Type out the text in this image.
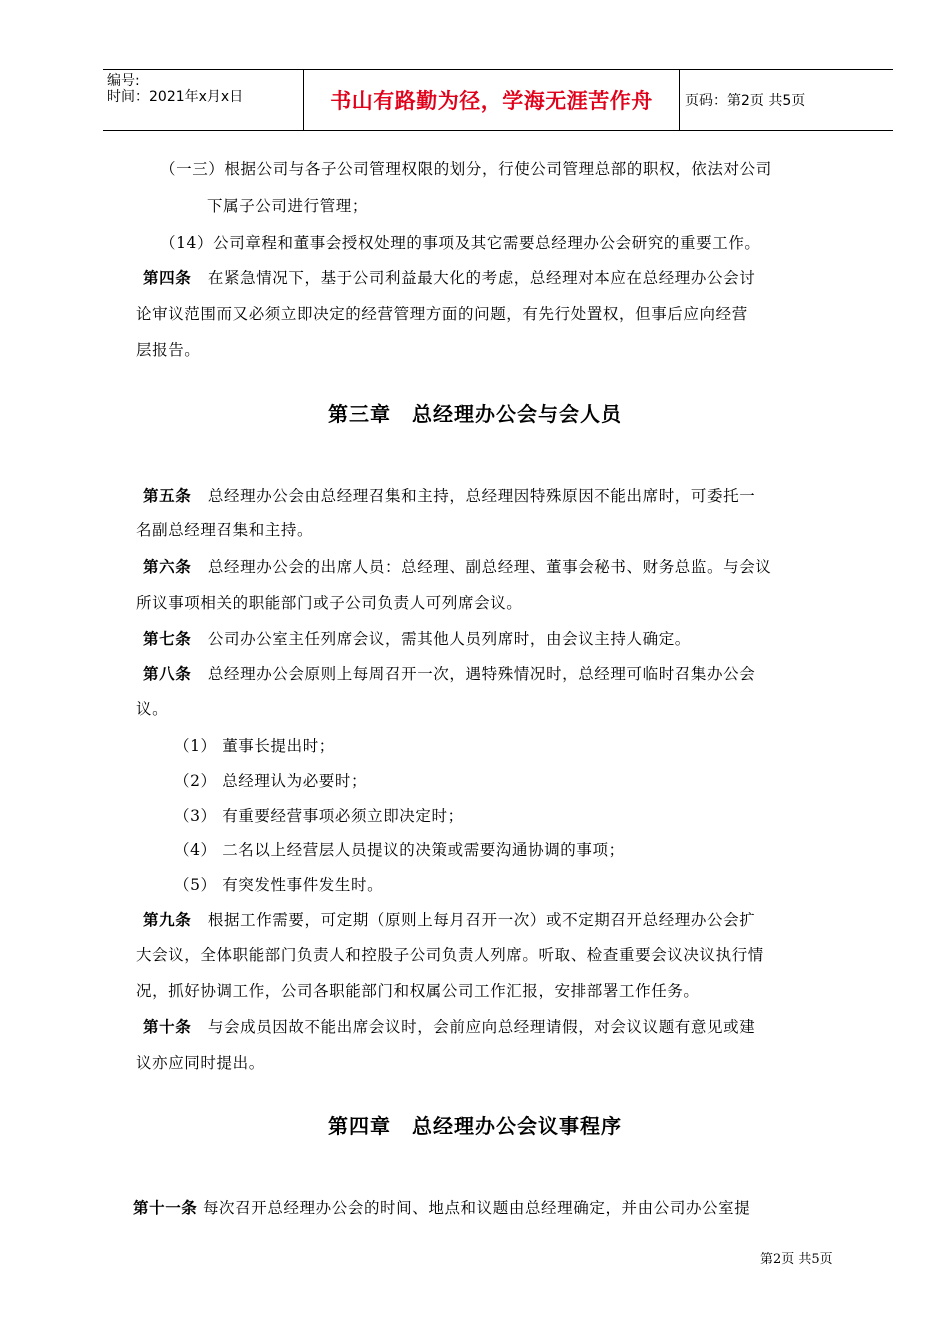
编号:
时间：2021年x月x日	书山有路勤为径，学海无涯苦作舟	页码：第2页 共5页
（一三）根据公司与各子公司管理权限的划分，行使公司管理总部的职权，依法对公司
下属子公司进行管理；
（14）公司章程和董事会授权处理的事项及其它需要总经理办公会研究的重要工作。
第四条 在紧急情况下，基于公司利益最大化的考虑，总经理对本应在总经理办公会讨
论审议范围而又必须立即决定的经营管理方面的问题，有先行处置权，但事后应向经营
层报告。
第三章　总经理办公会与会人员
第五条 总经理办公会由总经理召集和主持，总经理因特殊原因不能出席时，可委托一
名副总经理召集和主持。
第六条 总经理办公会的出席人员：总经理、副总经理、董事会秘书、财务总监。与会议
所议事项相关的职能部门或子公司负责人可列席会议。
第七条 公司办公室主任列席会议，需其他人员列席时，由会议主持人确定。
第八条 总经理办公会原则上每周召开一次，遇特殊情况时，总经理可临时召集办公会
议。
（1） 董事长提出时；
（2） 总经理认为必要时；
（3） 有重要经营事项必须立即决定时；
（4） 二名以上经营层人员提议的决策或需要沟通协调的事项；
（5） 有突发性事件发生时。
第九条 根据工作需要，可定期（原则上每月召开一次）或不定期召开总经理办公会扩
大会议，全体职能部门负责人和控股子公司负责人列席。听取、检查重要会议决议执行情
况，抓好协调工作，公司各职能部门和权属公司工作汇报，安排部署工作任务。
第十条 与会成员因故不能出席会议时，会前应向总经理请假，对会议议题有意见或建
议亦应同时提出。
第四章　总经理办公会议事程序
第十一条 每次召开总经理办公会的时间、地点和议题由总经理确定，并由公司办公室提
第2页 共5页
